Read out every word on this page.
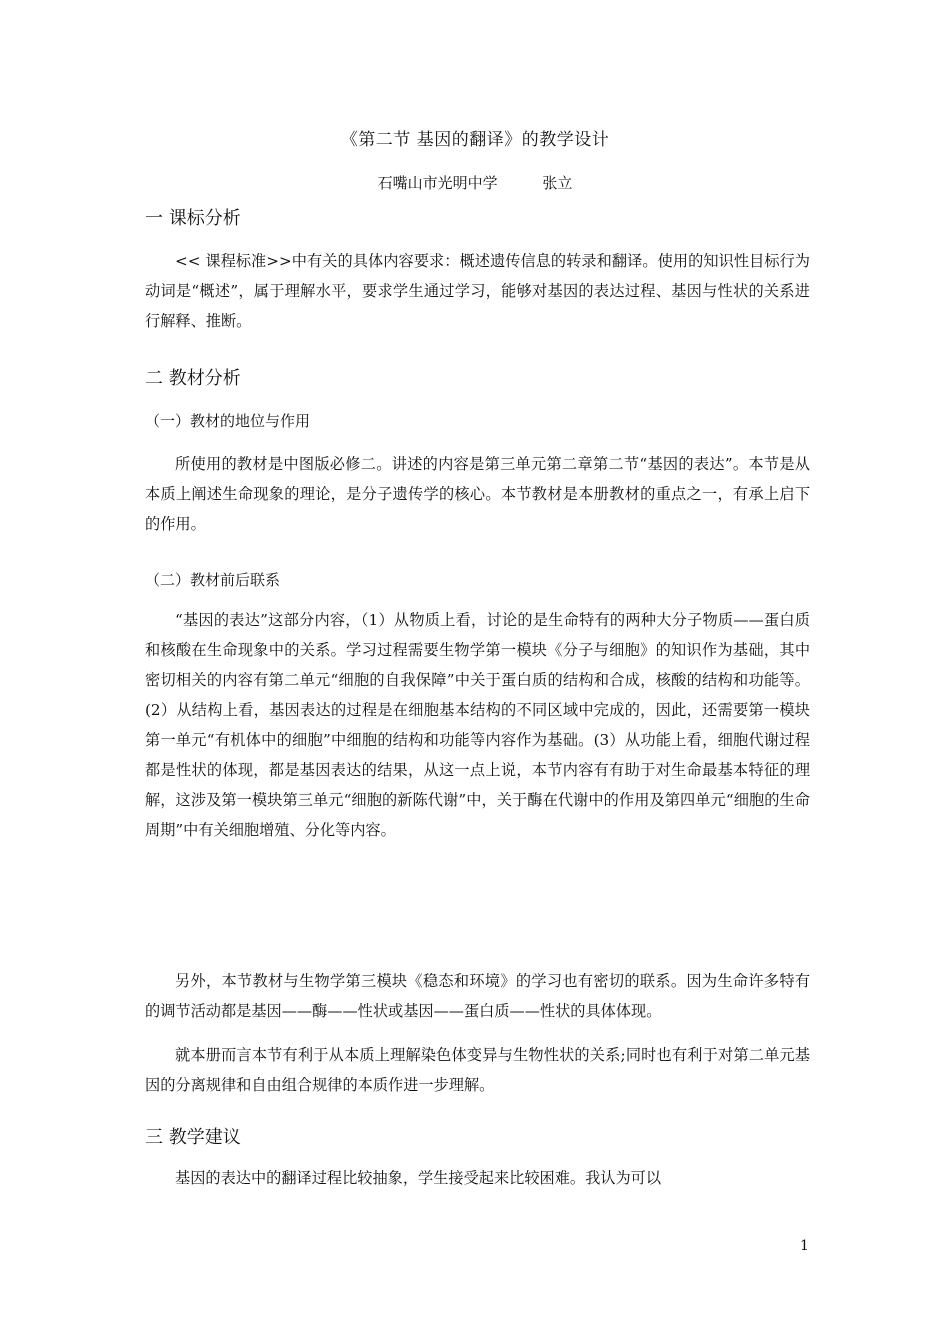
《第二节 基因的翻译》的教学设计
石嘴山市光明中学	张立
一 课标分析

<< 课程标准>>中有关的具体内容要求：概述遗传信息的转录和翻译。使用的知识性目标行为动词是“概述”，属于理解水平，要求学生通过学习，能够对基因的表达过程、基因与性状的关系进行解释、推断。

二 教材分析
（一）教材的地位与作用

所使用的教材是中图版必修二。讲述的内容是第三单元第二章第二节“基因的表达”。本节是从本质上阐述生命现象的理论，是分子遗传学的核心。本节教材是本册教材的重点之一，有承上启下的作用。

（二）教材前后联系

“基因的表达”这部分内容，（1）从物质上看，讨论的是生命特有的两种大分子物质——蛋白质和核酸在生命现象中的关系。学习过程需要生物学第一模块《分子与细胞》的知识作为基础，其中密切相关的内容有第二单元“细胞的自我保障”中关于蛋白质的结构和合成，核酸的结构和功能等。(2）从结构上看，基因表达的过程是在细胞基本结构的不同区域中完成的，因此，还需要第一模块第一单元“有机体中的细胞”中细胞的结构和功能等内容作为基础。(3）从功能上看，细胞代谢过程都是性状的体现，都是基因表达的结果，从这一点上说，本节内容有有助于对生命最基本特征的理解，这涉及第一模块第三单元“细胞的新陈代谢”中，关于酶在代谢中的作用及第四单元“细胞的生命周期”中有关细胞增殖、分化等内容。

另外，本节教材与生物学第三模块《稳态和环境》的学习也有密切的联系。因为生命许多特有的调节活动都是基因——酶——性状或基因——蛋白质——性状的具体体现。

就本册而言本节有利于从本质上理解染色体变异与生物性状的关系;同时也有利于对第二单元基因的分离规律和自由组合规律的本质作进一步理解。

三 教学建议

基因的表达中的翻译过程比较抽象，学生接受起来比较困难。我认为可以

1
